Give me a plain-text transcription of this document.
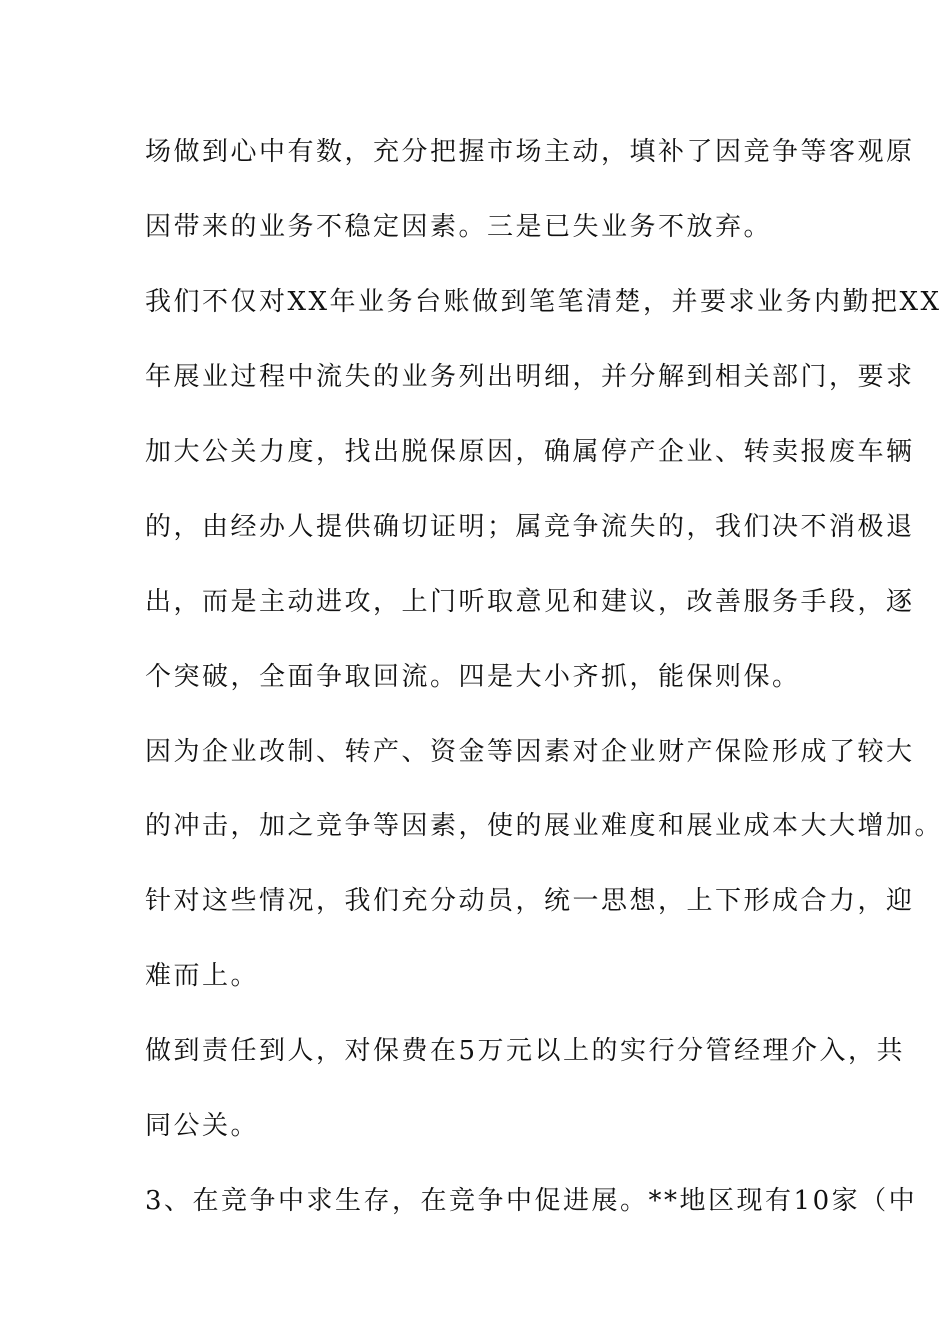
场做到心中有数，充分把握市场主动，填补了因竞争等客观原
因带来的业务不稳定因素。三是已失业务不放弃。
我们不仅对XX年业务台账做到笔笔清楚，并要求业务内勤把XX
年展业过程中流失的业务列出明细，并分解到相关部门，要求
加大公关力度，找出脱保原因，确属停产企业、转卖报废车辆
的，由经办人提供确切证明；属竞争流失的，我们决不消极退
出，而是主动进攻，上门听取意见和建议，改善服务手段，逐
个突破，全面争取回流。四是大小齐抓，能保则保。
因为企业改制、转产、资金等因素对企业财产保险形成了较大
的冲击，加之竞争等因素，使的展业难度和展业成本大大增加。
针对这些情况，我们充分动员，统一思想，上下形成合力，迎
难而上。
做到责任到人，对保费在5万元以上的实行分管经理介入，共
同公关。
3、在竞争中求生存，在竞争中促进展。**地区现有10家（中
